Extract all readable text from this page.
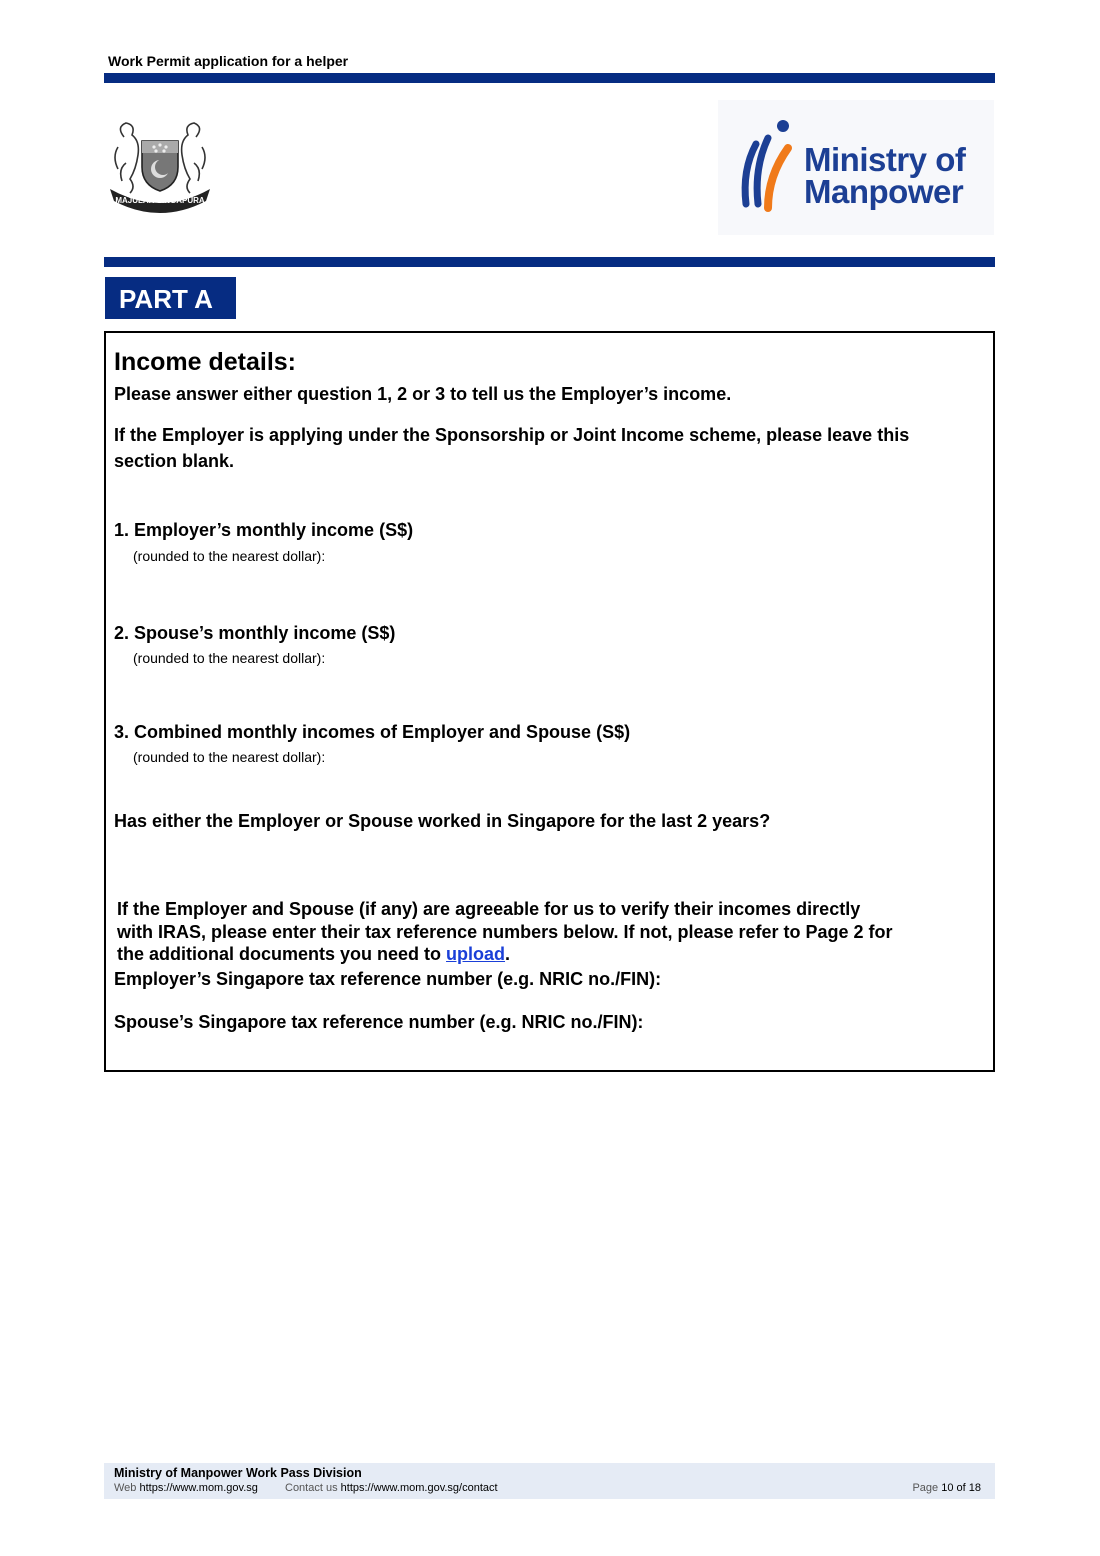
Work Permit application for a helper
MAJULAH SINGAPURA
Ministry of
Manpower
PART A
Income details:
Please answer either question 1, 2 or 3 to tell us the Employer’s income.
If the Employer is applying under the Sponsorship or Joint Income scheme, please leave this
section blank.
1. Employer’s monthly income (S$)
(rounded to the nearest dollar):
2. Spouse’s monthly income (S$)
(rounded to the nearest dollar):
3. Combined monthly incomes of Employer and Spouse (S$)
(rounded to the nearest dollar):
Has either the Employer or Spouse worked in Singapore for the last 2 years?
If the Employer and Spouse (if any) are agreeable for us to verify their incomes directly
with IRAS, please enter their tax reference numbers below. If not, please refer to Page 2 for
the additional documents you need to upload.
Employer’s Singapore tax reference number (e.g. NRIC no./FIN):
Spouse’s Singapore tax reference number (e.g. NRIC no./FIN):
Ministry of Manpower Work Pass Division
Web https://www.mom.gov.sg Contact us https://www.mom.gov.sg/contact	Page 10 of 18
